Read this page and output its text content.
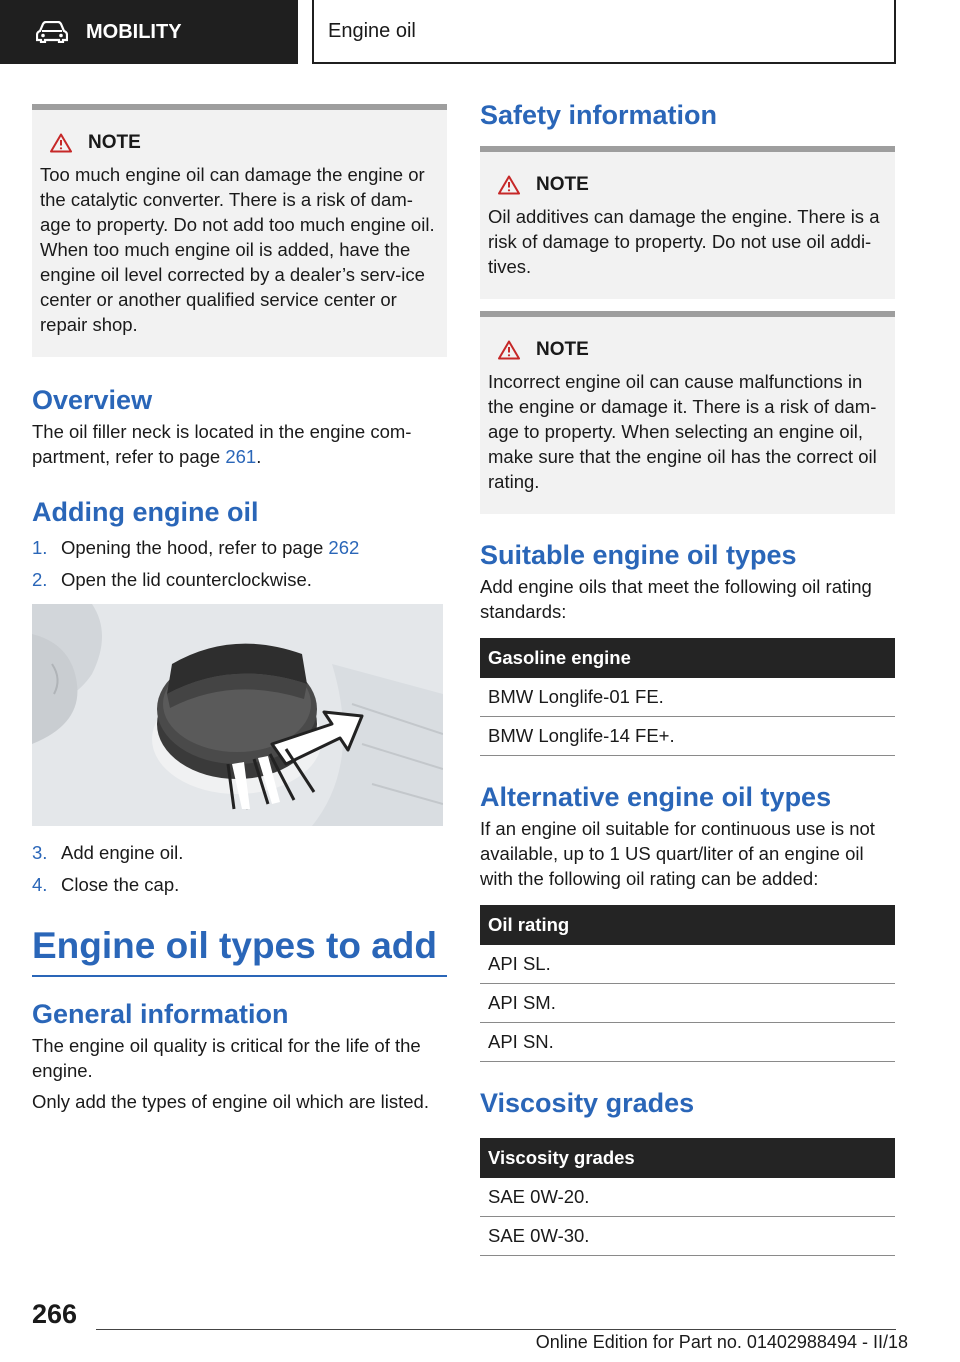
MOBILITY	Engine oil
NOTE
Too much engine oil can damage the engine or the catalytic converter. There is a risk of dam-age to property. Do not add too much engine oil. When too much engine oil is added, have the engine oil level corrected by a dealer’s serv-ice center or another qualified service center or repair shop.
Overview

The oil filler neck is located in the engine com-partment, refer to page 261.

Adding engine oil
1. Opening the hood, refer to page 262
2. Open the lid counterclockwise.
3. Add engine oil.
4. Close the cap.
Engine oil types to add
General information

The engine oil quality is critical for the life of the engine.

Only add the types of engine oil which are listed.

Safety information
NOTE
Oil additives can damage the engine. There is a risk of damage to property. Do not use oil addi-tives.
NOTE
Incorrect engine oil can cause malfunctions in the engine or damage it. There is a risk of dam-age to property. When selecting an engine oil, make sure that the engine oil has the correct oil rating.
Suitable engine oil types

Add engine oils that meet the following oil rating standards:

Gasoline engine
BMW Longlife-01 FE.
BMW Longlife-14 FE+.
Alternative engine oil types

If an engine oil suitable for continuous use is not available, up to 1 US quart/liter of an engine oil with the following oil rating can be added:

Oil rating
API SL.
API SM.
API SN.
Viscosity grades
Viscosity grades
SAE 0W-20.
SAE 0W-30.
266
Online Edition for Part no. 01402988494 - II/18
